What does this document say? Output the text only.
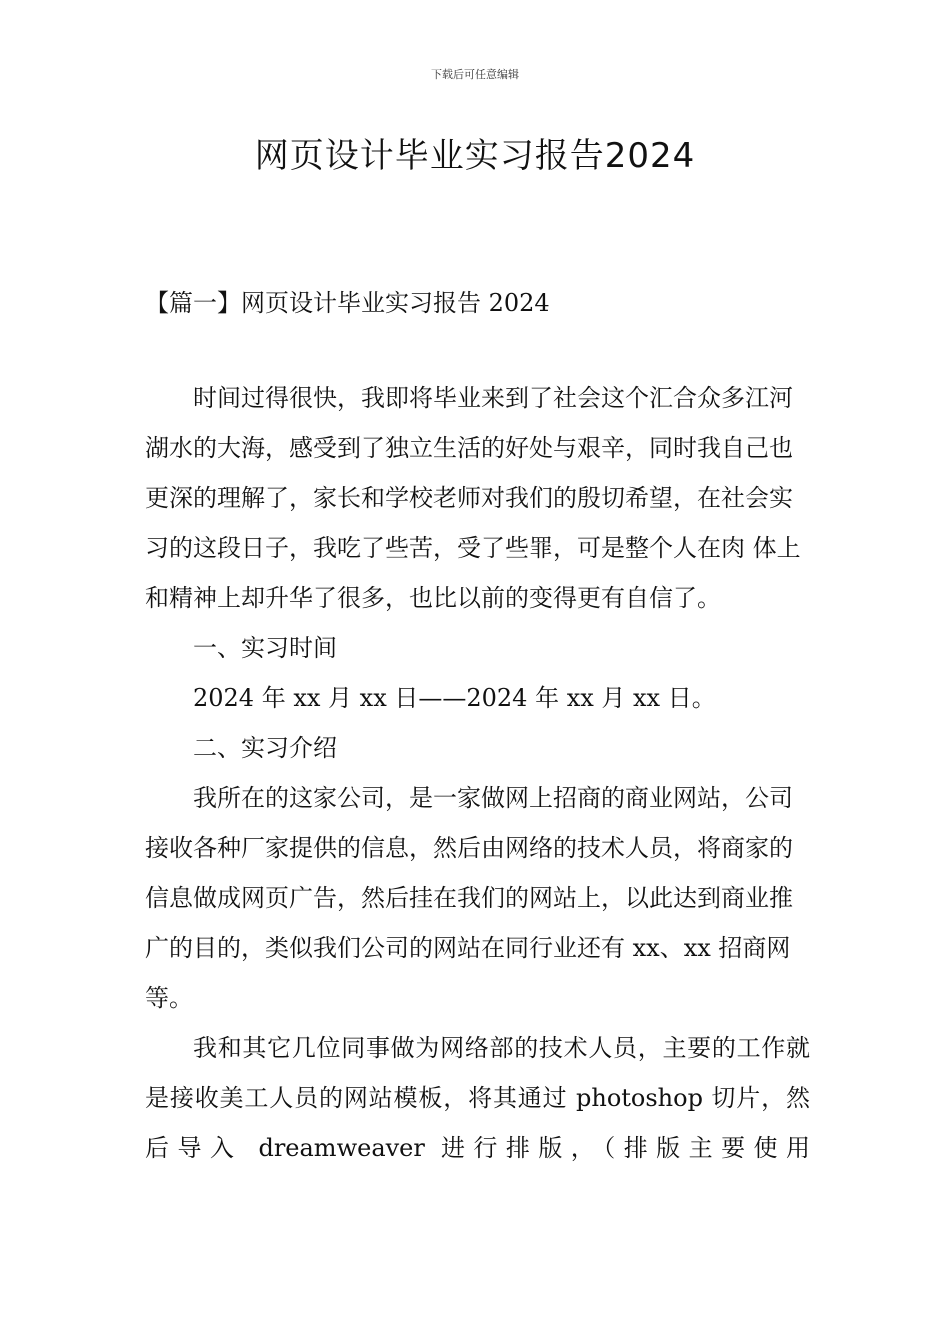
下载后可任意编辑
网页设计毕业实习报告2024
【篇一】网页设计毕业实习报告 2024

时间过得很快，我即将毕业来到了社会这个汇合众多江河湖水的大海，感受到了独立生活的好处与艰辛，同时我自己也更深的理解了，家长和学校老师对我们的殷切希望，在社会实习的这段日子，我吃了些苦，受了些罪，可是整个人在肉 体上和精神上却升华了很多，也比以前的变得更有自信了。

一、实习时间

2024 年 xx 月 xx 日——2024 年 xx 月 xx 日。

二、实习介绍

我所在的这家公司，是一家做网上招商的商业网站，公司接收各种厂家提供的信息，然后由网络的技术人员，将商家的信息做成网页广告，然后挂在我们的网站上，以此达到商业推广的目的，类似我们公司的网站在同行业还有 xx、xx 招商网等。

我和其它几位同事做为网络部的技术人员，主要的工作就是接收美工人员的网站模板，将其通过 photoshop 切片，然后导入 dreamweaver 进行排版，（排版主要使用
